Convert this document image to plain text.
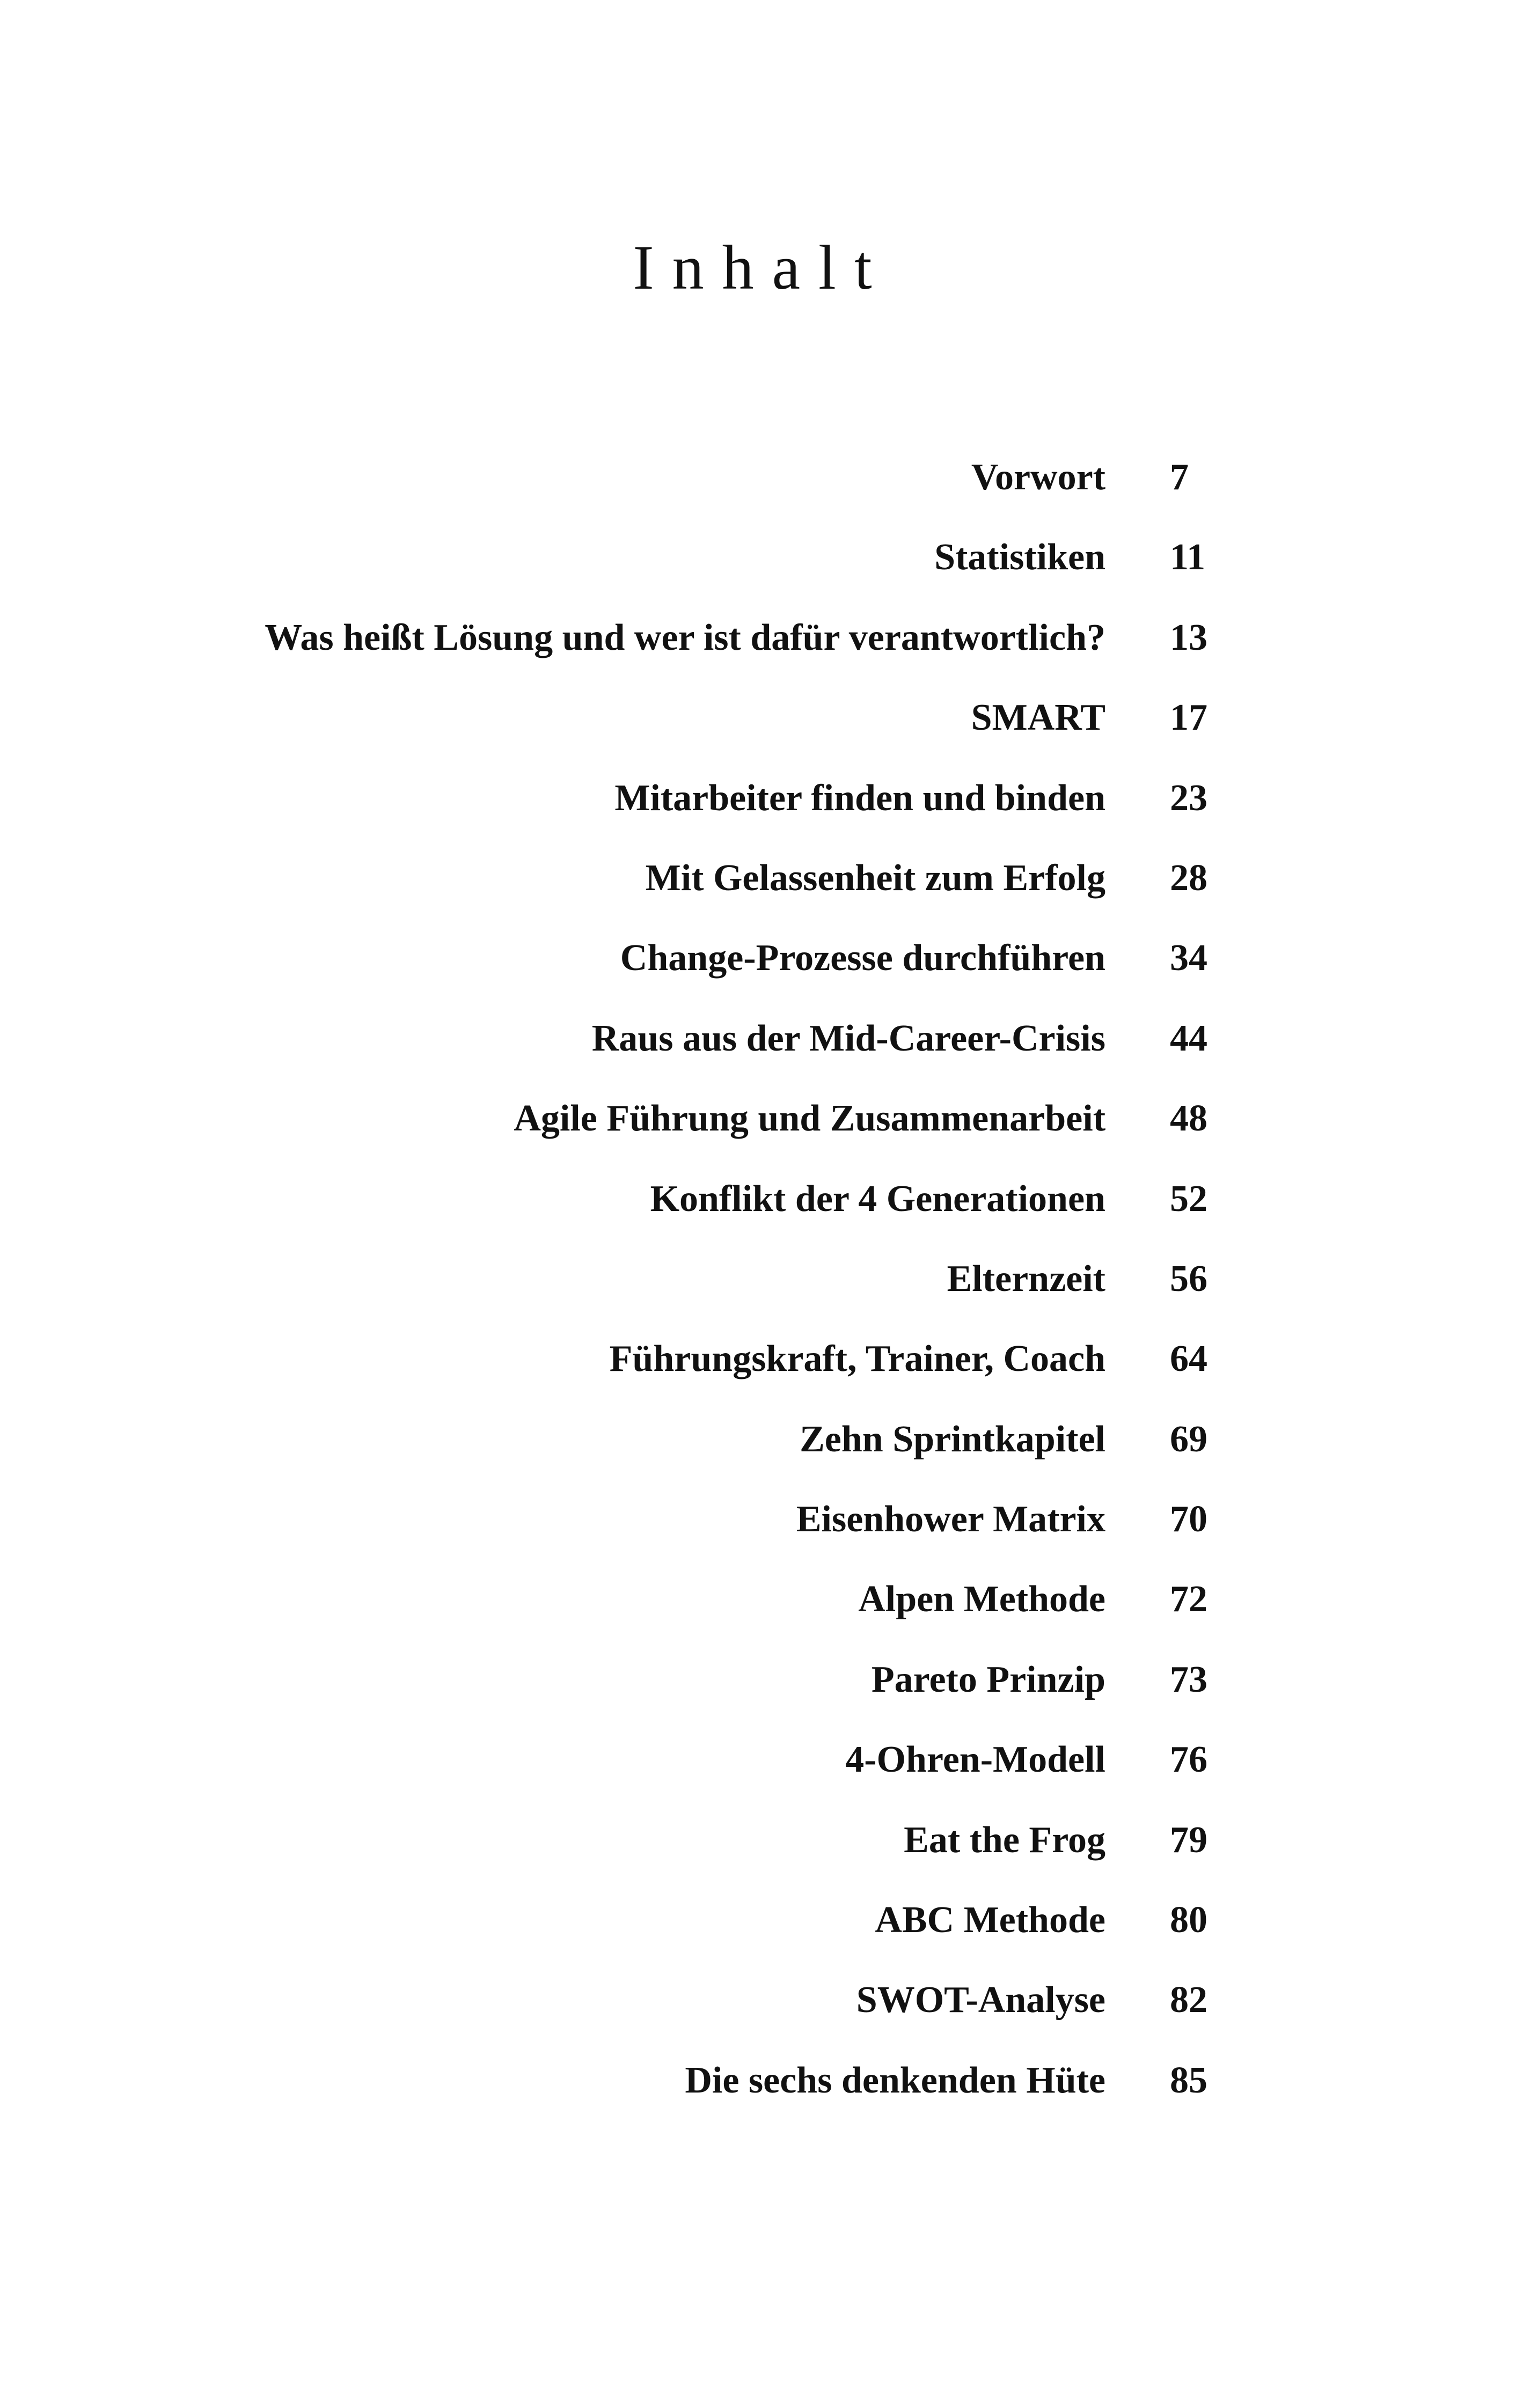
Inhalt
Vorwort 7
Statistiken 11
Was heißt Lösung und wer ist dafür verantwortlich? 13
SMART 17
Mitarbeiter finden und binden 23
Mit Gelassenheit zum Erfolg 28
Change-Prozesse durchführen 34
Raus aus der Mid-Career-Crisis 44
Agile Führung und Zusammenarbeit 48
Konflikt der 4 Generationen 52
Elternzeit 56
Führungskraft, Trainer, Coach 64
Zehn Sprintkapitel 69
Eisenhower Matrix 70
Alpen Methode 72
Pareto Prinzip 73
4-Ohren-Modell 76
Eat the Frog 79
ABC Methode 80
SWOT-Analyse 82
Die sechs denkenden Hüte 85
